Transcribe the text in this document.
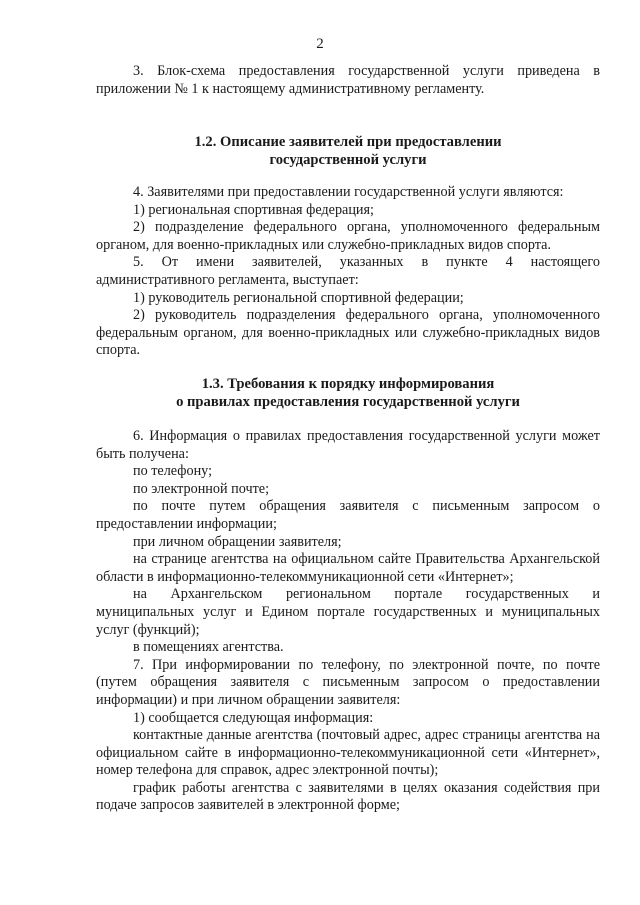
2

3. Блок-схема предоставления государственной услуги приведена в приложении № 1 к настоящему административному регламенту.

1.2. Описание заявителей при предоставлении
государственной услуги

4. Заявителями при предоставлении государственной услуги являются:

1) региональная спортивная федерация;

2) подразделение федерального органа, уполномоченного федеральным органом, для военно-прикладных или служебно-прикладных видов спорта.

5. От имени заявителей, указанных в пункте 4 настоящего административного регламента, выступает:

1) руководитель региональной спортивной федерации;

2) руководитель подразделения федерального органа, уполномоченного федеральным органом, для военно-прикладных или служебно-прикладных видов спорта.

1.3. Требования к порядку информирования
о правилах предоставления государственной услуги

6. Информация о правилах предоставления государственной услуги может быть получена:

по телефону;

по электронной почте;

по почте путем обращения заявителя с письменным запросом о предоставлении информации;

при личном обращении заявителя;

на странице агентства на официальном сайте Правительства Архангельской области в информационно-телекоммуникационной сети «Интернет»;

на Архангельском региональном портале государственных и муниципальных услуг и Едином портале государственных и муниципальных услуг (функций);

в помещениях агентства.

7. При информировании по телефону, по электронной почте, по почте (путем обращения заявителя с письменным запросом о предоставлении информации) и при личном обращении заявителя:

1) сообщается следующая информация:

контактные данные агентства (почтовый адрес, адрес страницы агентства на официальном сайте в информационно-телекоммуникационной сети «Интернет», номер телефона для справок, адрес электронной почты);

график работы агентства с заявителями в целях оказания содействия при подаче запросов заявителей в электронной форме;
